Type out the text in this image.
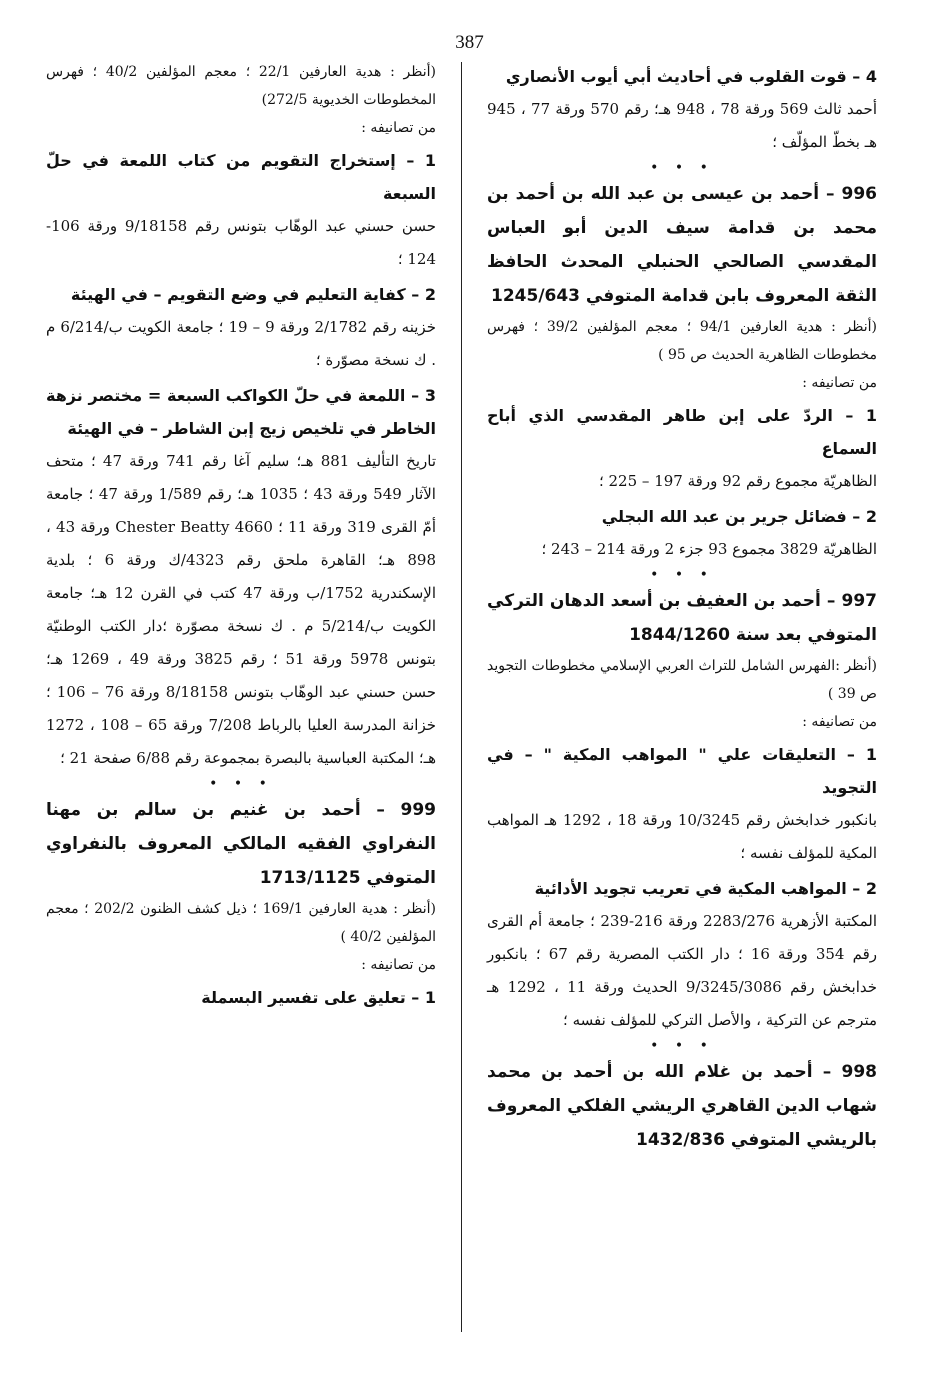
387

4 – قوت القلوب في أحاديث أبي أيوب الأنصاري

أحمد ثالث 569 ورقة 78 ، 948 هـ؛ رقم 570 ورقة 77 ، 945 هـ بخطّ المؤلّف ؛

• • •

996 – أحمد بن عيسى بن عبد الله بن أحمد بن محمد بن قدامة سيف الدين أبو العباس المقدسي الصالحي الحنبلي المحدث الحافظ الثقة المعروف بابن قدامة المتوفي 1245/643

(أنظر : هدية العارفين 94/1 ؛ معجم المؤلفين 39/2 ؛ فهرس مخطوطات الظاهرية الحديث ص 95 )

من تصانيفه :

1 – الردّ على إبن طاهر المقدسي الذي أباح السماع

الظاهريّة مجموع رقم 92 ورقة 197 – 225 ؛

2 – فضائل جرير بن عبد الله البجلي

الظاهريّة 3829 مجموع 93 جزء 2 ورقة 214 – 243 ؛

• • •

997 – أحمد بن العفيف بن أسعد الدهان التركي المتوفي بعد سنة 1844/1260

(أنظر :الفهرس الشامل للتراث العربي الإسلامي مخطوطات التجويد ص 39 )

من تصانيفه :

1 – التعليقات علي " المواهب المكية " – في التجويد

بانكبور خدابخش رقم 10/3245 ورقة 18 ، 1292 هـ المواهب المكية للمؤلف نفسه ؛

2 – المواهب المكية في تعريب تجويد الأدائية

المكتبة الأزهرية 2283/276 ورقة 216-239 ؛ جامعة أم القرى رقم 354 ورقة 16 ؛ دار الكتب المصرية رقم 67 ؛ بانكبور خدابخش رقم 9/3245/3086 الحديث ورقة 11 ، 1292 هـ مترجم عن التركية ، والأصل التركي للمؤلف نفسه ؛

• • •

998 – أحمد بن غلام الله بن أحمد بن محمد شهاب الدين القاهري الريشي الفلكي المعروف بالريشي المتوفي 1432/836

(أنظر : هدية العارفين 22/1 ؛ معجم المؤلفين 40/2 ؛ فهرس المخطوطات الخديوية 272/5)

من تصانيفه :

1 – إستخراج التقويم من كتاب اللمعة في حلّ السبعة

حسن حسني عبد الوهّاب بتونس رقم 9/18158 ورقة 106- 124 ؛

2 – كفاية التعليم في وضع التقويم – في الهيئة

خزينه رقم 2/1782 ورقة 9 – 19 ؛ جامعة الكويت ب/6/214 م . ك نسخة مصوّرة ؛

3 – اللمعة في حلّ الكواكب السبعة = مختصر نزهة الخاطر في تلخيص زيج إبن الشاطر – في الهيئة

تاريخ التأليف 881 هـ؛ سليم آغا رقم 741 ورقة 47 ؛ متحف الآثار 549 ورقة 43 ؛ 1035 هـ؛ رقم 1/589 ورقة 47 ؛ جامعة أمّ القرى 319 ورقة 11 ؛ Chester Beatty 4660 ورقة 43 ، 898 هـ؛ القاهرة ملحق رقم 4323/ك ورقة 6 ؛ بلدية الإسكندرية 1752/ب ورقة 47 كتب في القرن 12 هـ؛ جامعة الكويت ب/5/214 م . ك نسخة مصوّرة ؛دار الكتب الوطنيّة بتونس 5978 ورقة 51 ؛ رقم 3825 ورقة 49 ، 1269 هـ؛ حسن حسني عبد الوهّاب بتونس 8/18158 ورقة 76 – 106 ؛ خزانة المدرسة العليا بالرباط 7/208 ورقة 65 – 108 ، 1272 هـ؛ المكتبة العباسية بالبصرة بمجموعة رقم 6/88 صفحة 21 ؛

• • •

999 – أحمد بن غنيم بن سالم بن مهنا النفراوي الفقيه المالكي المعروف بالنفراوي المتوفي 1713/1125

(أنظر : هدية العارفين 169/1 ؛ ذيل كشف الظنون 202/2 ؛ معجم المؤلفين 40/2 )

من تصانيفه :

1 – تعليق على تفسير البسملة
